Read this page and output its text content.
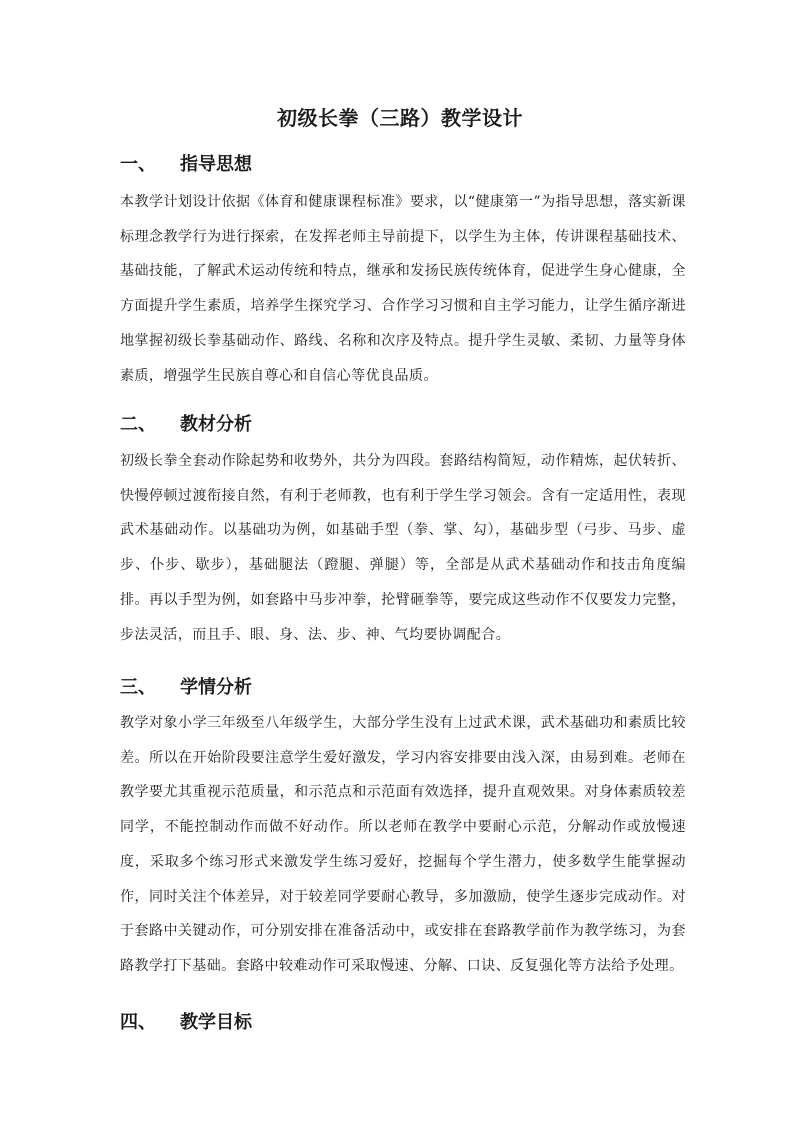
初级长拳（三路）教学设计
一、 指导思想
本教学计划设计依据《体育和健康课程标准》要求，以“健康第一”为指导思想，落实新课标理念教学行为进行探索，在发挥老师主导前提下，以学生为主体，传讲课程基础技术、基础技能，了解武术运动传统和特点，继承和发扬民族传统体育，促进学生身心健康，全方面提升学生素质，培养学生探究学习、合作学习习惯和自主学习能力，让学生循序渐进地掌握初级长拳基础动作、路线、名称和次序及特点。提升学生灵敏、柔韧、力量等身体素质，增强学生民族自尊心和自信心等优良品质。
二、 教材分析
初级长拳全套动作除起势和收势外，共分为四段。套路结构简短，动作精炼，起伏转折、快慢停顿过渡衔接自然，有利于老师教，也有利于学生学习领会。含有一定适用性，表现武术基础动作。以基础功为例，如基础手型（拳、掌、勾），基础步型（弓步、马步、虚步、仆步、歇步），基础腿法（蹬腿、弹腿）等，全部是从武术基础动作和技击角度编排。再以手型为例，如套路中马步冲拳，抡臂砸拳等，要完成这些动作不仅要发力完整，步法灵活，而且手、眼、身、法、步、神、气均要协调配合。
三、 学情分析
教学对象小学三年级至八年级学生，大部分学生没有上过武术课，武术基础功和素质比较差。所以在开始阶段要注意学生爱好激发，学习内容安排要由浅入深，由易到难。老师在教学要尤其重视示范质量，和示范点和示范面有效选择，提升直观效果。对身体素质较差同学，不能控制动作而做不好动作。所以老师在教学中要耐心示范，分解动作或放慢速度，采取多个练习形式来激发学生练习爱好，挖掘每个学生潜力，使多数学生能掌握动作，同时关注个体差异，对于较差同学要耐心教导，多加激励，使学生逐步完成动作。对于套路中关键动作，可分别安排在准备活动中，或安排在套路教学前作为教学练习，为套路教学打下基础。套路中较难动作可采取慢速、分解、口诀、反复强化等方法给予处理。
四、 教学目标
